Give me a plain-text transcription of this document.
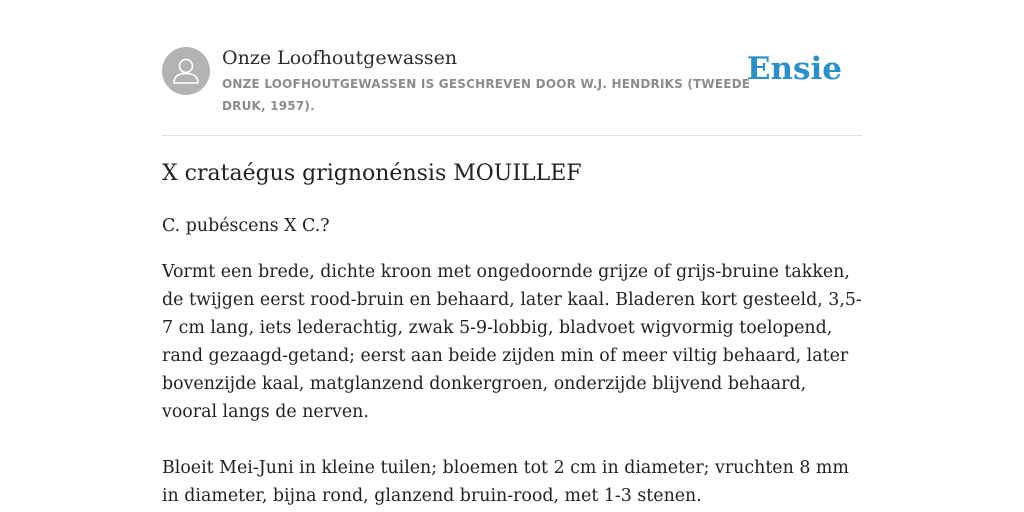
Onze Loofhoutgewassen
ONZE LOOFHOUTGEWASSEN IS GESCHREVEN DOOR W.J. HENDRIKS (TWEEDE DRUK, 1957).
Ensie
X crataégus grignonénsis MOUILLEF

C. pubéscens X C.?

Vormt een brede, dichte kroon met ongedoornde grijze of grijs-bruine takken, de twijgen eerst rood-bruin en behaard, later kaal. Bladeren kort gesteeld, 3,5-7 cm lang, iets lederachtig, zwak 5-9-lobbig, bladvoet wigvormig toelopend, rand gezaagd-getand; eerst aan beide zijden min of meer viltig behaard, later bovenzijde kaal, matglanzend donkergroen, onderzijde blijvend behaard, vooral langs de nerven.

Bloeit Mei-Juni in kleine tuilen; bloemen tot 2 cm in diameter; vruchten 8 mm in diameter, bijna rond, glanzend bruin-rood, met 1-3 stenen.
